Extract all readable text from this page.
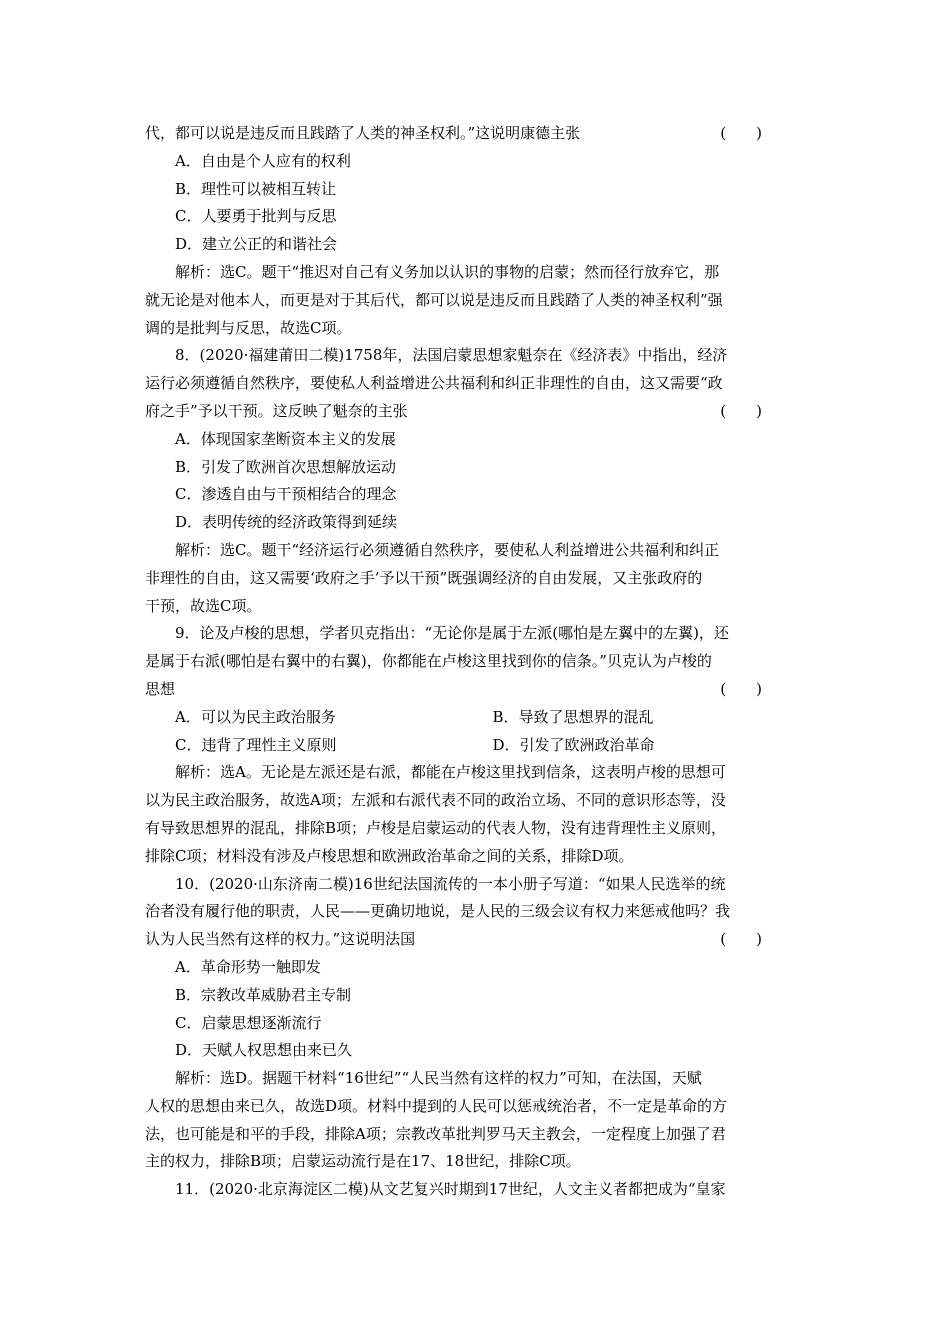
代，都可以说是违反而且践踏了人类的神圣权利。”这说明康德主张	(　　)
A．自由是个人应有的权利
B．理性可以被相互转让
C．人要勇于批判与反思
D．建立公正的和谐社会
解析：选C。题干“推迟对自己有义务加以认识的事物的启蒙；然而径行放弃它，那
就无论是对他本人，而更是对于其后代，都可以说是违反而且践踏了人类的神圣权利”强
调的是批判与反思，故选C项。
8．(2020·福建莆田二模)1758年，法国启蒙思想家魁奈在《经济表》中指出，经济
运行必须遵循自然秩序，要使私人利益增进公共福利和纠正非理性的自由，这又需要“政
府之手”予以干预。这反映了魁奈的主张	(　　)
A．体现国家垄断资本主义的发展
B．引发了欧洲首次思想解放运动
C．渗透自由与干预相结合的理念
D．表明传统的经济政策得到延续
解析：选C。题干“经济运行必须遵循自然秩序，要使私人利益增进公共福利和纠正
非理性的自由，这又需要‘政府之手’予以干预”既强调经济的自由发展，又主张政府的
干预，故选C项。
9．论及卢梭的思想，学者贝克指出：“无论你是属于左派(哪怕是左翼中的左翼)，还
是属于右派(哪怕是右翼中的右翼)，你都能在卢梭这里找到你的信条。”贝克认为卢梭的
思想	(　　)
A．可以为民主政治服务	B．导致了思想界的混乱
C．违背了理性主义原则	D．引发了欧洲政治革命
解析：选A。无论是左派还是右派，都能在卢梭这里找到信条，这表明卢梭的思想可
以为民主政治服务，故选A项；左派和右派代表不同的政治立场、不同的意识形态等，没
有导致思想界的混乱，排除B项；卢梭是启蒙运动的代表人物，没有违背理性主义原则，
排除C项；材料没有涉及卢梭思想和欧洲政治革命之间的关系，排除D项。
10．(2020·山东济南二模)16世纪法国流传的一本小册子写道：“如果人民选举的统
治者没有履行他的职责，人民——更确切地说，是人民的三级会议有权力来惩戒他吗？我
认为人民当然有这样的权力。”这说明法国	(　　)
A．革命形势一触即发
B．宗教改革威胁君主专制
C．启蒙思想逐渐流行
D．天赋人权思想由来已久
解析：选D。据题干材料“16世纪”“人民当然有这样的权力”可知，在法国，天赋
人权的思想由来已久，故选D项。材料中提到的人民可以惩戒统治者，不一定是革命的方
法，也可能是和平的手段，排除A项；宗教改革批判罗马天主教会，一定程度上加强了君
主的权力，排除B项；启蒙运动流行是在17、18世纪，排除C项。
11．(2020·北京海淀区二模)从文艺复兴时期到17世纪，人文主义者都把成为“皇家
